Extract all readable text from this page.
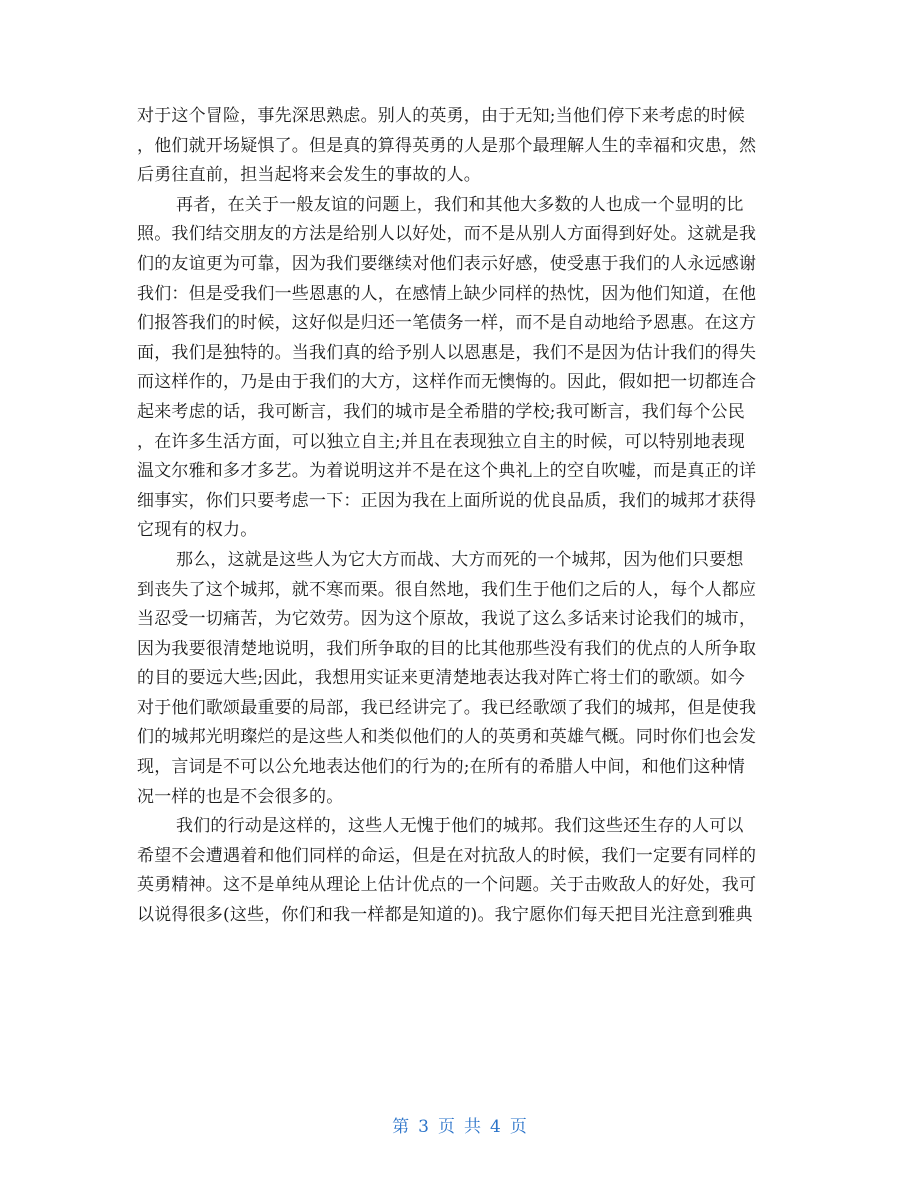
对于这个冒险，事先深思熟虑。别人的英勇，由于无知;当他们停下来考虑的时候
，他们就开场疑惧了。但是真的算得英勇的人是那个最理解人生的幸福和灾患，然
后勇往直前，担当起将来会发生的事故的人。

再者，在关于一般友谊的问题上，我们和其他大多数的人也成一个显明的比
照。我们结交朋友的方法是给别人以好处，而不是从别人方面得到好处。这就是我
们的友谊更为可靠，因为我们要继续对他们表示好感，使受惠于我们的人永远感谢
我们：但是受我们一些恩惠的人，在感情上缺少同样的热忱，因为他们知道，在他
们报答我们的时候，这好似是归还一笔债务一样，而不是自动地给予恩惠。在这方
面，我们是独特的。当我们真的给予别人以恩惠是，我们不是因为估计我们的得失
而这样作的，乃是由于我们的大方，这样作而无懊悔的。因此，假如把一切都连合
起来考虑的话，我可断言，我们的城市是全希腊的学校;我可断言，我们每个公民
，在许多生活方面，可以独立自主;并且在表现独立自主的时候，可以特别地表现
温文尔雅和多才多艺。为着说明这并不是在这个典礼上的空自吹嘘，而是真正的详
细事实，你们只要考虑一下：正因为我在上面所说的优良品质，我们的城邦才获得
它现有的权力。

那么，这就是这些人为它大方而战、大方而死的一个城邦，因为他们只要想
到丧失了这个城邦，就不寒而栗。很自然地，我们生于他们之后的人，每个人都应
当忍受一切痛苦，为它效劳。因为这个原故，我说了这么多话来讨论我们的城市，
因为我要很清楚地说明，我们所争取的目的比其他那些没有我们的优点的人所争取
的目的要远大些;因此，我想用实证来更清楚地表达我对阵亡将士们的歌颂。如今
对于他们歌颂最重要的局部，我已经讲完了。我已经歌颂了我们的城邦，但是使我
们的城邦光明璨烂的是这些人和类似他们的人的英勇和英雄气概。同时你们也会发
现，言词是不可以公允地表达他们的行为的;在所有的希腊人中间，和他们这种情
况一样的也是不会很多的。

我们的行动是这样的，这些人无愧于他们的城邦。我们这些还生存的人可以
希望不会遭遇着和他们同样的命运，但是在对抗敌人的时候，我们一定要有同样的
英勇精神。这不是单纯从理论上估计优点的一个问题。关于击败敌人的好处，我可
以说得很多(这些，你们和我一样都是知道的)。我宁愿你们每天把目光注意到雅典

第 3 页 共 4 页
